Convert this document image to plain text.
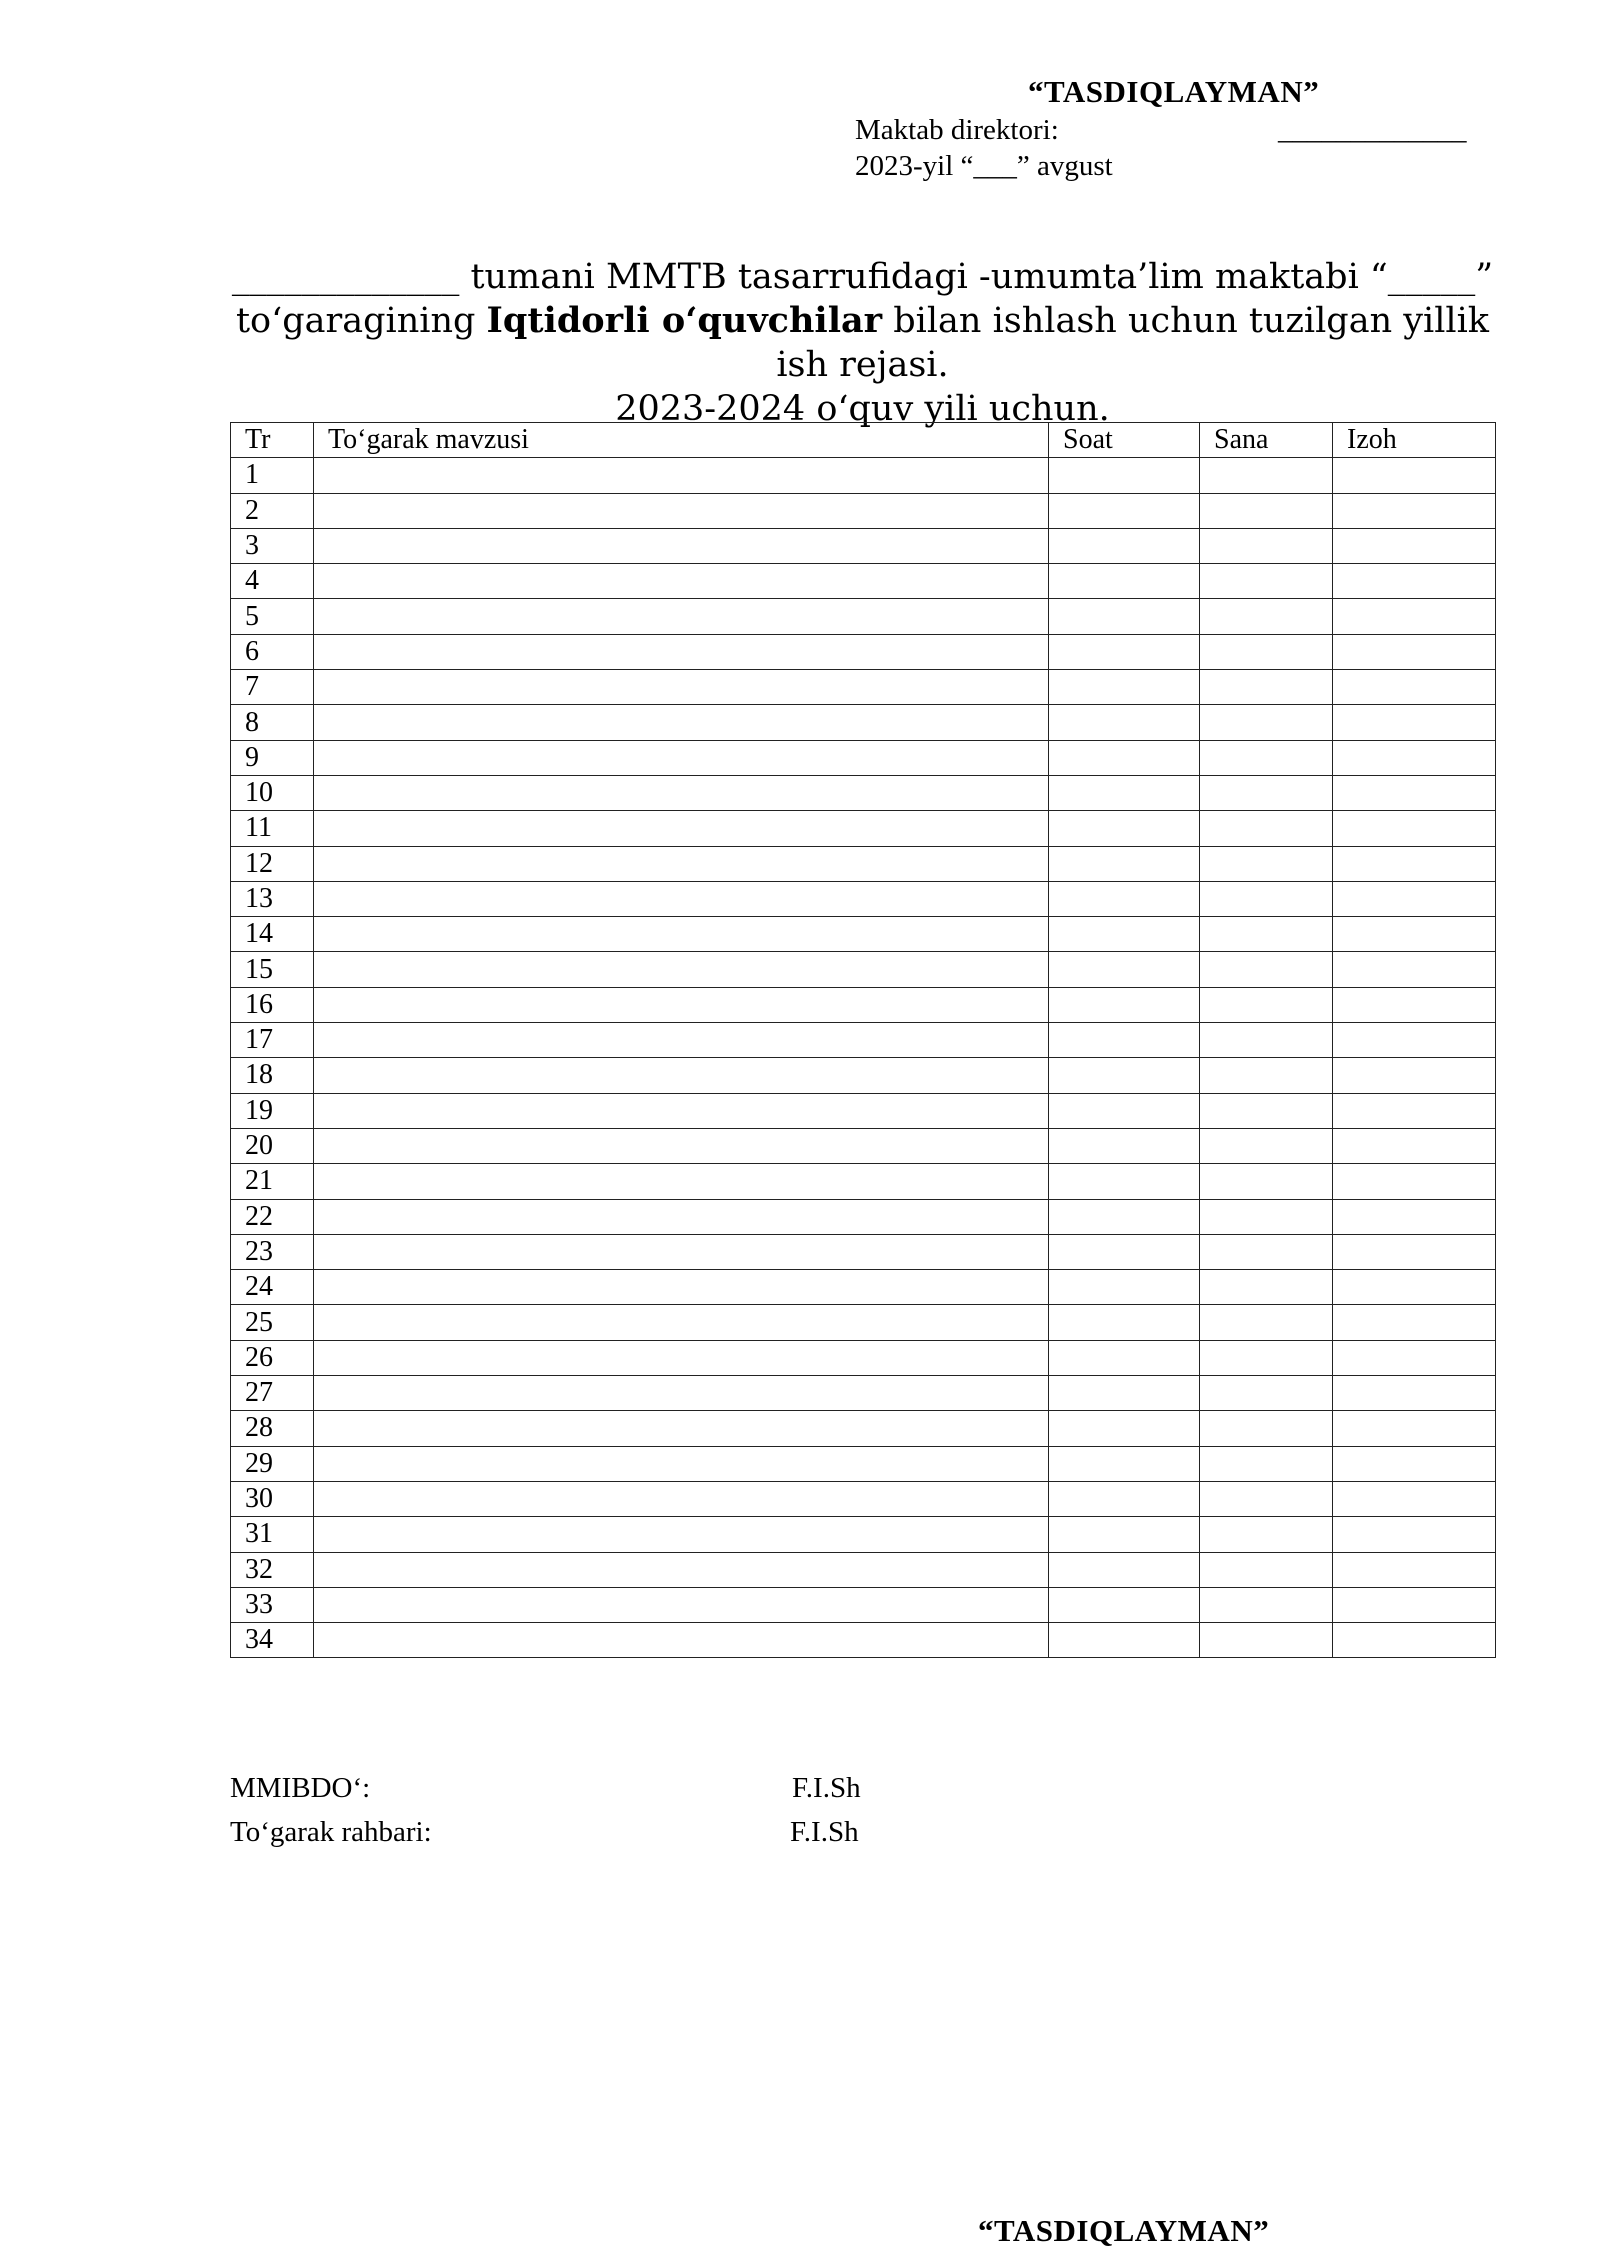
“TASDIQLAYMAN”
Maktab direktori:	_____________
2023-yil “___” avgust
_____________ tumani MMTB tasarrufidagi -umumta’lim maktabi “_____”
to‘garagining Iqtidorli o‘quvchilar bilan ishlash uchun tuzilgan yillik ish rejasi.
2023-2024 o‘quv yili uchun.
Tr	To‘garak mavzusi	Soat	Sana	Izoh
1				
2				
3				
4				
5				
6				
7				
8				
9				
10				
11				
12				
13				
14				
15				
16				
17				
18				
19				
20				
21				
22				
23				
24				
25				
26				
27				
28				
29				
30				
31				
32				
33				
34				
MMIBDO‘:	F.I.Sh
To‘garak rahbari:	F.I.Sh
“TASDIQLAYMAN”
